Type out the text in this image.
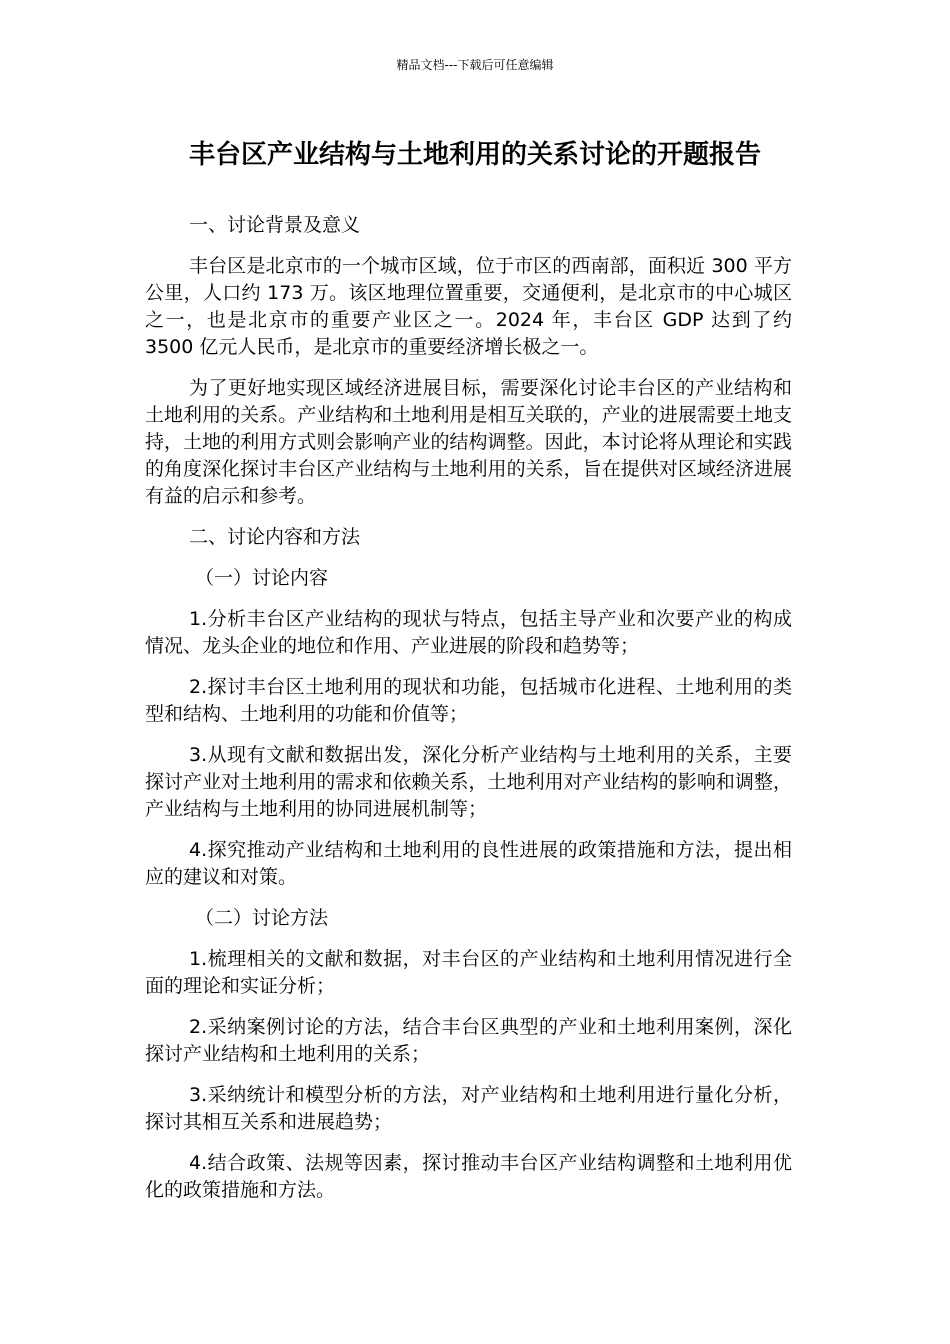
精品文档---下载后可任意编辑
丰台区产业结构与土地利用的关系讨论的开题报告

一、讨论背景及意义

丰台区是北京市的一个城市区域，位于市区的西南部，面积近 300 平方公里，人口约 173 万。该区地理位置重要，交通便利，是北京市的中心城区之一，也是北京市的重要产业区之一。2024 年，丰台区 GDP 达到了约 3500 亿元人民币，是北京市的重要经济增长极之一。

为了更好地实现区域经济进展目标，需要深化讨论丰台区的产业结构和土地利用的关系。产业结构和土地利用是相互关联的，产业的进展需要土地支持，土地的利用方式则会影响产业的结构调整。因此，本讨论将从理论和实践的角度深化探讨丰台区产业结构与土地利用的关系，旨在提供对区域经济进展有益的启示和参考。

二、讨论内容和方法

（一）讨论内容

1.分析丰台区产业结构的现状与特点，包括主导产业和次要产业的构成情况、龙头企业的地位和作用、产业进展的阶段和趋势等；

2.探讨丰台区土地利用的现状和功能，包括城市化进程、土地利用的类型和结构、土地利用的功能和价值等；

3.从现有文献和数据出发，深化分析产业结构与土地利用的关系，主要探讨产业对土地利用的需求和依赖关系，土地利用对产业结构的影响和调整，产业结构与土地利用的协同进展机制等；

4.探究推动产业结构和土地利用的良性进展的政策措施和方法，提出相应的建议和对策。

（二）讨论方法

1.梳理相关的文献和数据，对丰台区的产业结构和土地利用情况进行全面的理论和实证分析；

2.采纳案例讨论的方法，结合丰台区典型的产业和土地利用案例，深化探讨产业结构和土地利用的关系；

3.采纳统计和模型分析的方法，对产业结构和土地利用进行量化分析，探讨其相互关系和进展趋势；

4.结合政策、法规等因素，探讨推动丰台区产业结构调整和土地利用优化的政策措施和方法。
